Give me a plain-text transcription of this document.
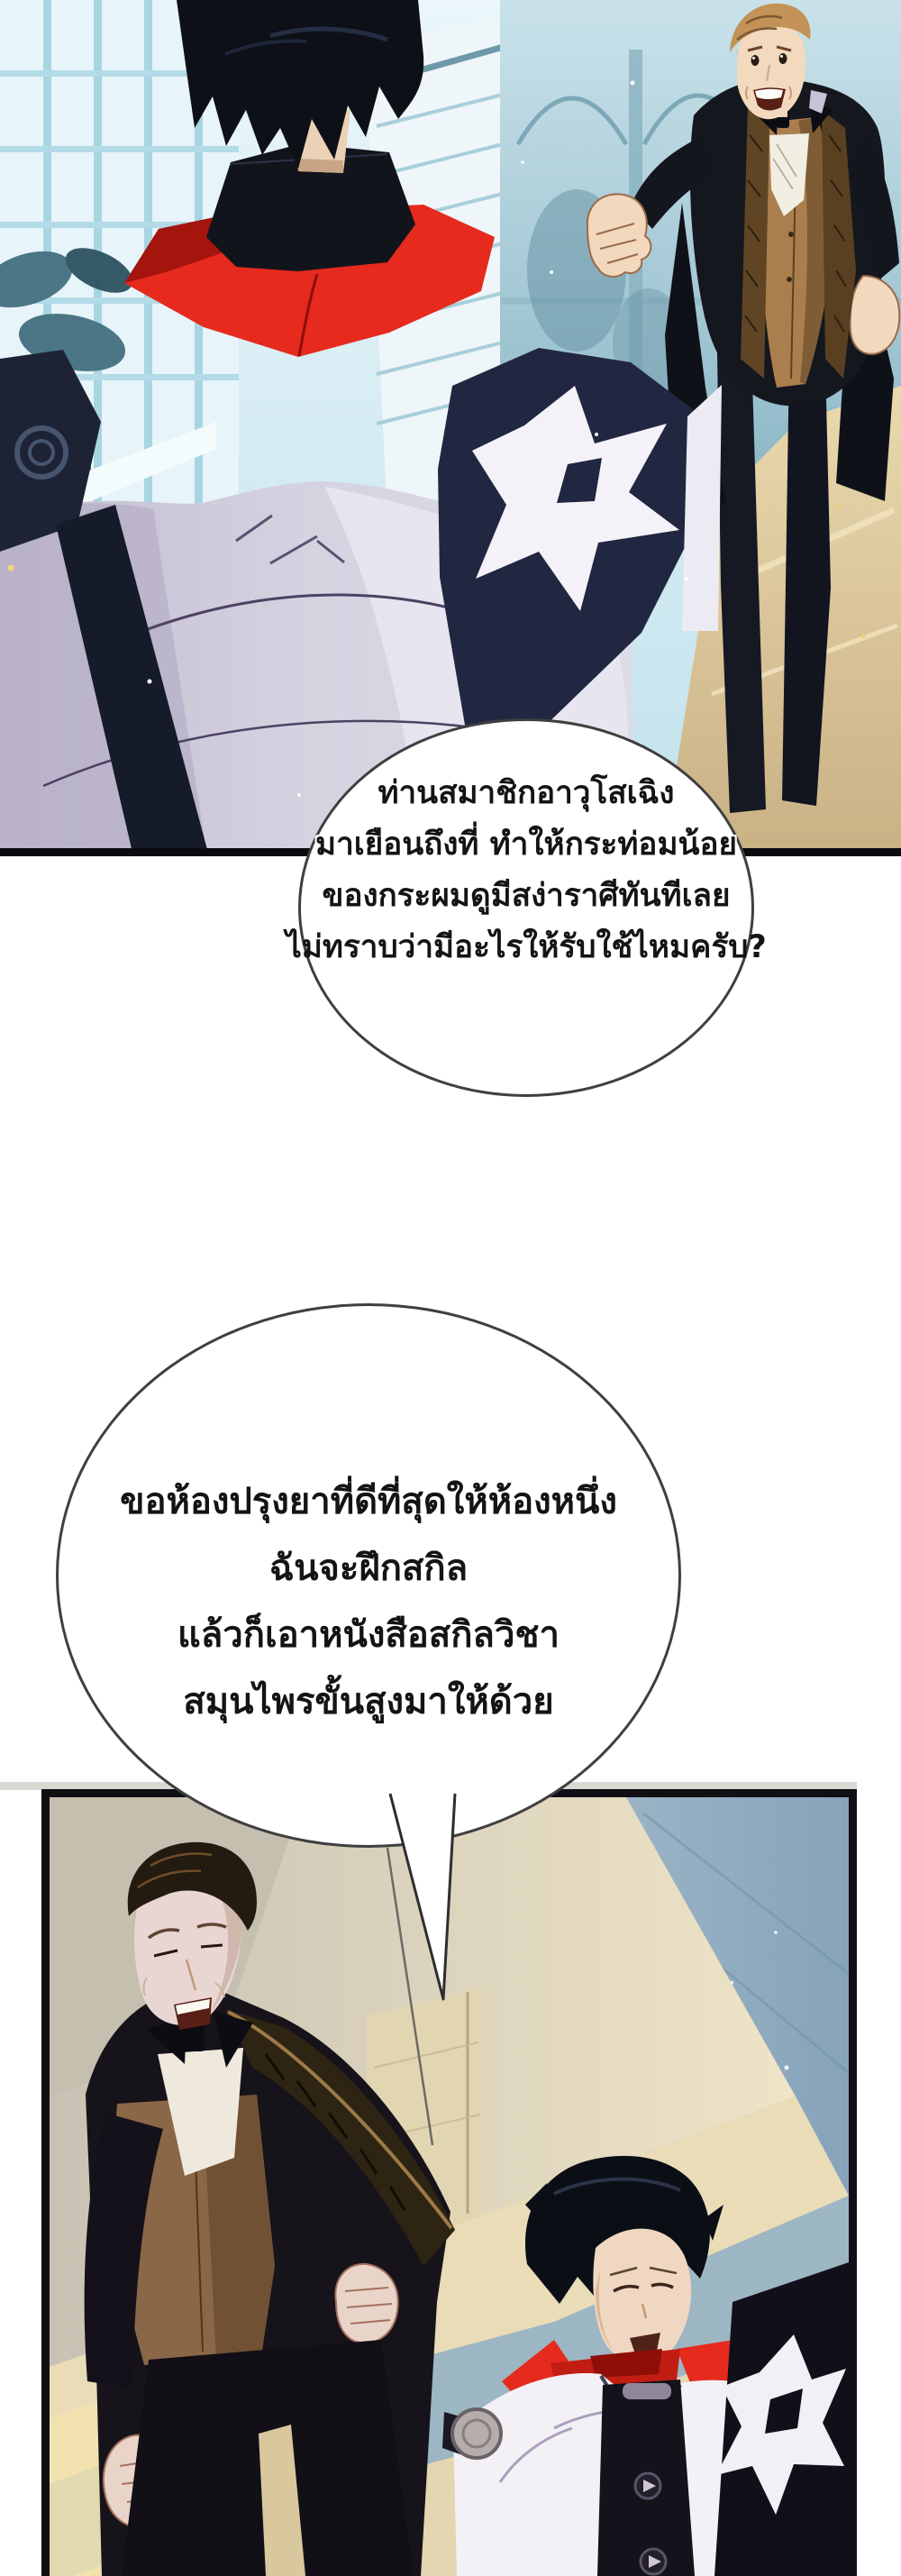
ท่านสมาชิกอาวุโสเฉิง
มาเยือนถึงที่ ทำให้กระท่อมน้อย
ของกระผมดูมีสง่าราศีทันทีเลย
ไม่ทราบว่ามีอะไรให้รับใช้ไหมครับ?
ขอห้องปรุงยาที่ดีที่สุดให้ห้องหนึ่ง
ฉันจะฝึกสกิล
แล้วก็เอาหนังสือสกิลวิชา
สมุนไพรขั้นสูงมาให้ด้วย
